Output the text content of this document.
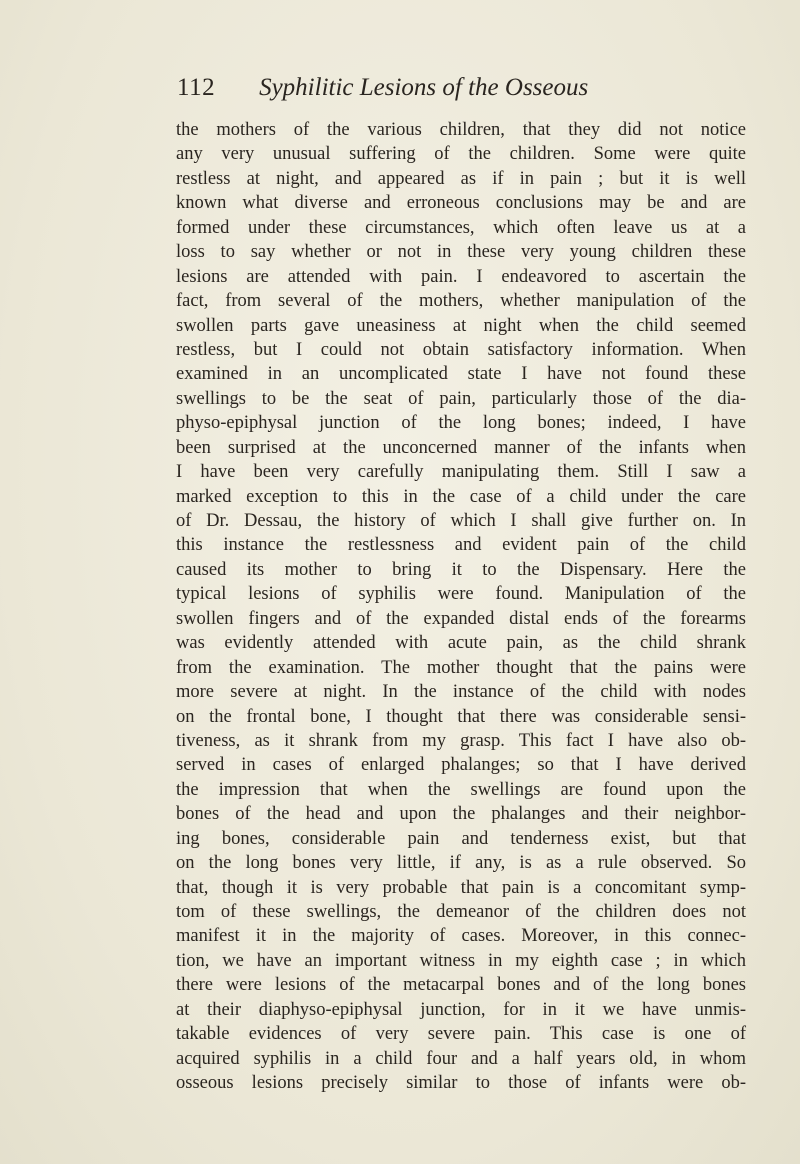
112 Syphilitic Lesions of the Osseous
the mothers of the various children, that they did not notice
any very unusual suffering of the children. Some were quite
restless at night, and appeared as if in pain ; but it is well
known what diverse and erroneous conclusions may be and are
formed under these circumstances, which often leave us at a
loss to say whether or not in these very young children these
lesions are attended with pain. I endeavored to ascertain the
fact, from several of the mothers, whether manipulation of the
swollen parts gave uneasiness at night when the child seemed
restless, but I could not obtain satisfactory information. When
examined in an uncomplicated state I have not found these
swellings to be the seat of pain, particularly those of the dia-
physo-epiphysal junction of the long bones; indeed, I have
been surprised at the unconcerned manner of the infants when
I have been very carefully manipulating them. Still I saw a
marked exception to this in the case of a child under the care
of Dr. Dessau, the history of which I shall give further on. In
this instance the restlessness and evident pain of the child
caused its mother to bring it to the Dispensary. Here the
typical lesions of syphilis were found. Manipulation of the
swollen fingers and of the expanded distal ends of the forearms
was evidently attended with acute pain, as the child shrank
from the examination. The mother thought that the pains were
more severe at night. In the instance of the child with nodes
on the frontal bone, I thought that there was considerable sensi-
tiveness, as it shrank from my grasp. This fact I have also ob-
served in cases of enlarged phalanges; so that I have derived
the impression that when the swellings are found upon the
bones of the head and upon the phalanges and their neighbor-
ing bones, considerable pain and tenderness exist, but that
on the long bones very little, if any, is as a rule observed. So
that, though it is very probable that pain is a concomitant symp-
tom of these swellings, the demeanor of the children does not
manifest it in the majority of cases. Moreover, in this connec-
tion, we have an important witness in my eighth case ; in which
there were lesions of the metacarpal bones and of the long bones
at their diaphyso-epiphysal junction, for in it we have unmis-
takable evidences of very severe pain. This case is one of
acquired syphilis in a child four and a half years old, in whom
osseous lesions precisely similar to those of infants were ob-
